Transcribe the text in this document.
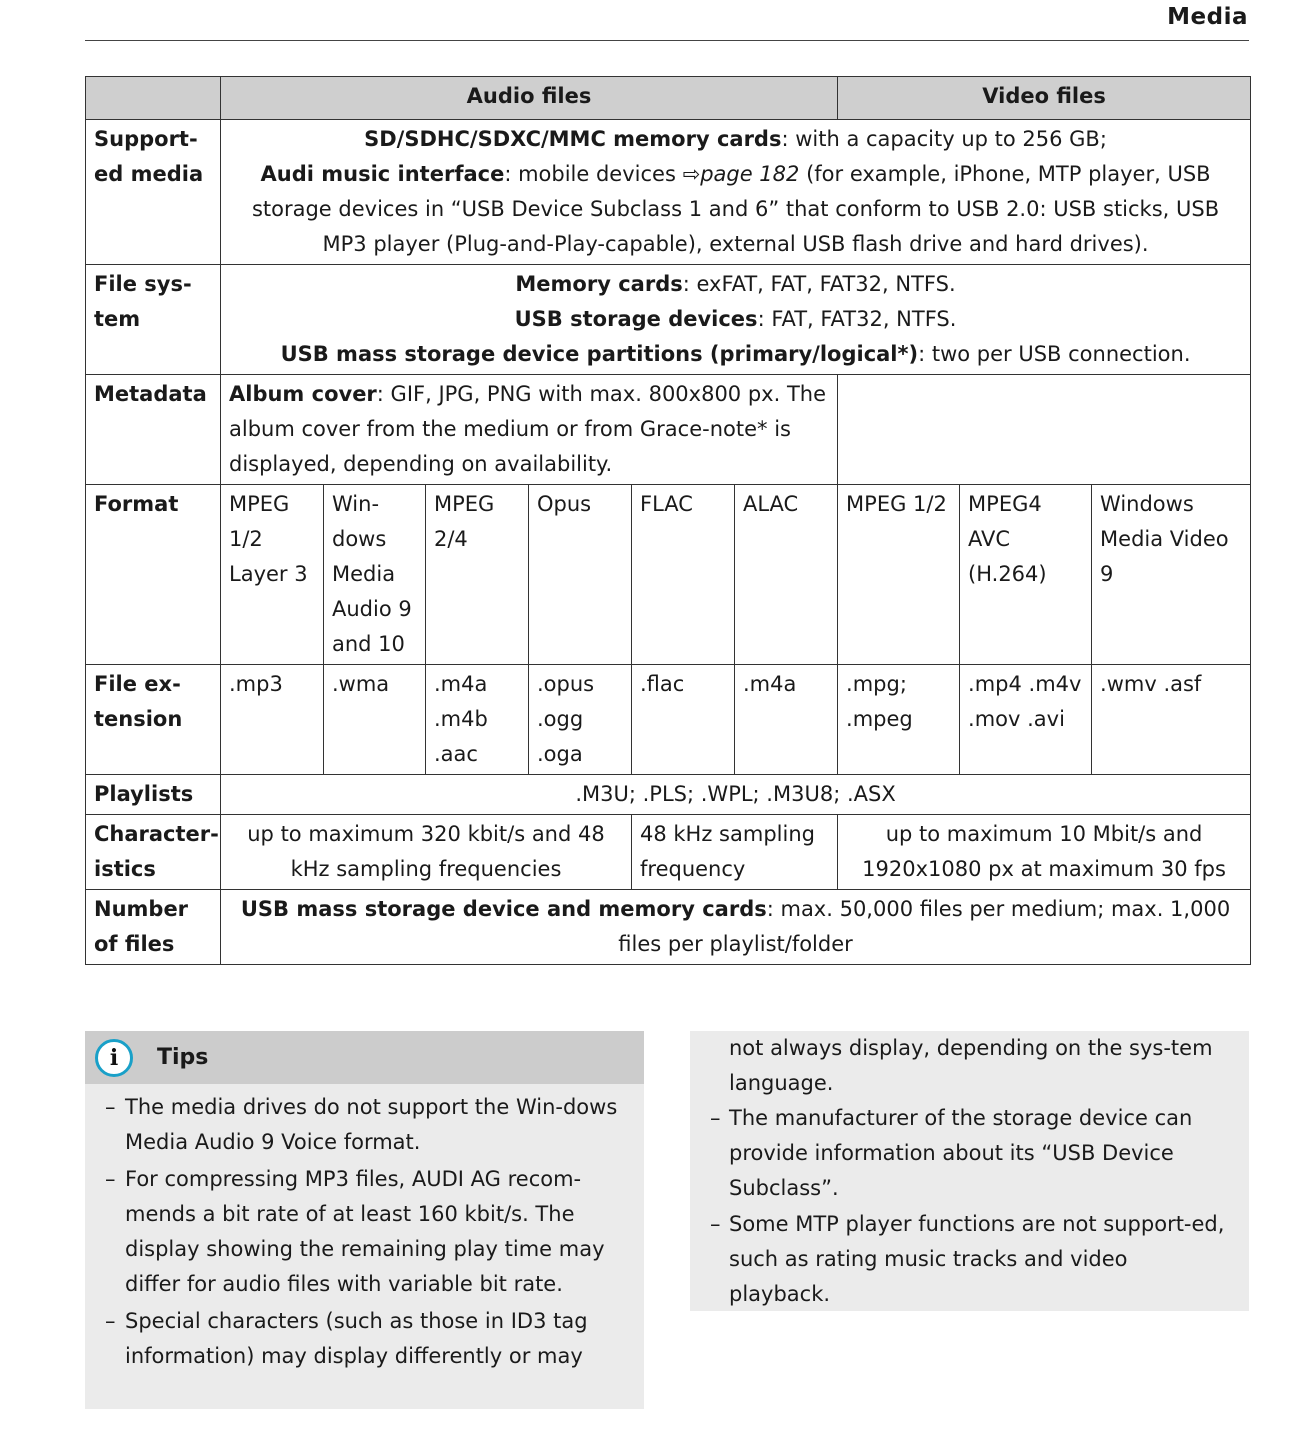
Media
	Audio files						Video files		
Support-ed media	SD/SDHC/SDXC/MMC memory cards: with a capacity up to 256 GB;
Audi music interface: mobile devices ⇨page 182 (for example, iPhone, MTP player, USB storage devices in “USB Device Subclass 1 and 6” that conform to USB 2.0: USB sticks, USB MP3 player (Plug-and-Play-capable), external USB flash drive and hard drives).								
File sys-tem	Memory cards: exFAT, FAT, FAT32, NTFS.
USB storage devices: FAT, FAT32, NTFS.
USB mass storage device partitions (primary/logical*): two per USB connection.								
Metadata	Album cover: GIF, JPG, PNG with max. 800x800 px. The album cover from the medium or from Grace-note* is displayed, depending on availability.								
Format	MPEG 1/2 Layer 3	Win-dows Media Audio 9 and 10	MPEG 2/4	Opus	FLAC	ALAC	MPEG 1/2	MPEG4 AVC (H.264)	Windows Media Video 9
File ex-tension	.mp3	.wma	.m4a .m4b .aac	.opus .ogg .oga	.flac	.m4a	.mpg; .mpeg	.mp4 .m4v .mov .avi	.wmv .asf
Playlists	.M3U; .PLS; .WPL; .M3U8; .ASX								
Character-istics	up to maximum 320 kbit/s and 48 kHz sampling frequencies				48 kHz sampling frequency		up to maximum 10 Mbit/s and 1920x1080 px at maximum 30 fps		
Number of files	USB mass storage device and memory cards: max. 50,000 files per medium; max. 1,000 files per playlist/folder								
i	Tips
– The media drives do not support the Win-dows Media Audio 9 Voice format.
– For compressing MP3 files, AUDI AG recom-mends a bit rate of at least 160 kbit/s. The display showing the remaining play time may differ for audio files with variable bit rate.
– Special characters (such as those in ID3 tag information) may display differently or may
not always display, depending on the sys-tem language.
– The manufacturer of the storage device can provide information about its “USB Device Subclass”.
– Some MTP player functions are not support-ed, such as rating music tracks and video playback.
